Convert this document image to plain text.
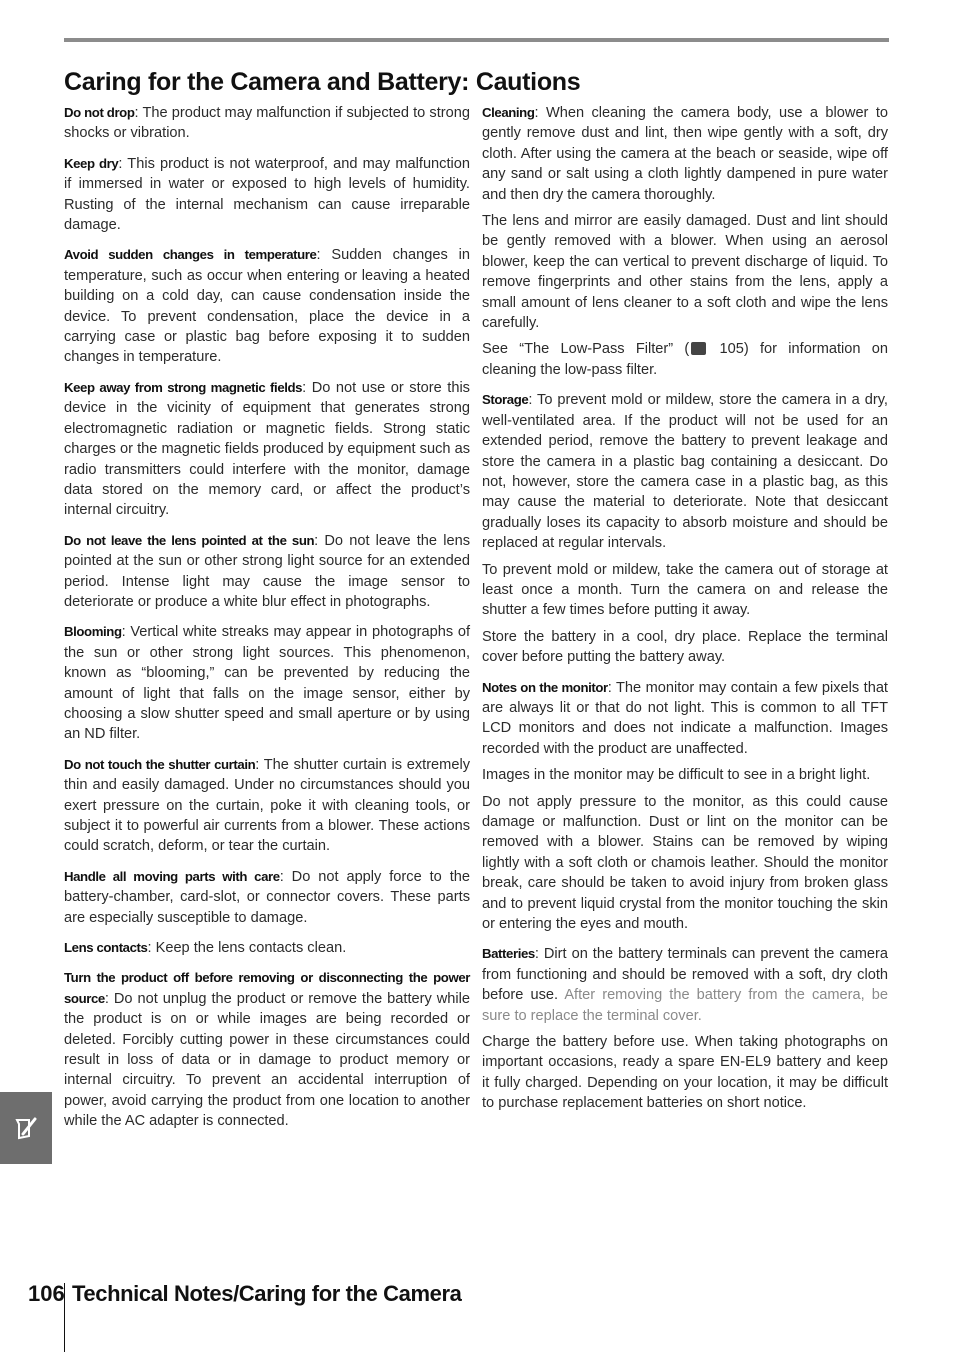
Caring for the Camera and Battery: Cautions

Do not drop: The product may malfunction if subjected to strong shocks or vibration.

Keep dry: This product is not waterproof, and may malfunction if immersed in water or exposed to high levels of humidity. Rusting of the internal mechanism can cause irreparable damage.

Avoid sudden changes in temperature: Sudden changes in temperature, such as occur when entering or leaving a heated building on a cold day, can cause condensation inside the device. To prevent condensation, place the device in a carrying case or plastic bag before exposing it to sudden changes in temperature.

Keep away from strong magnetic fields: Do not use or store this device in the vicinity of equipment that generates strong electromagnetic radiation or magnetic fields. Strong static charges or the magnetic fields produced by equipment such as radio transmitters could interfere with the monitor, damage data stored on the memory card, or affect the product’s internal circuitry.

Do not leave the lens pointed at the sun: Do not leave the lens pointed at the sun or other strong light source for an extended period. Intense light may cause the image sensor to deteriorate or produce a white blur effect in photographs.

Blooming: Vertical white streaks may appear in photographs of the sun or other strong light sources. This phenomenon, known as “blooming,” can be prevented by reducing the amount of light that falls on the image sensor, either by choosing a slow shutter speed and small aperture or by using an ND filter.

Do not touch the shutter curtain: The shutter curtain is extremely thin and easily damaged. Under no circumstances should you exert pressure on the curtain, poke it with cleaning tools, or subject it to powerful air currents from a blower. These actions could scratch, deform, or tear the curtain.

Handle all moving parts with care: Do not apply force to the battery-chamber, card-slot, or connector covers. These parts are especially susceptible to damage.

Lens contacts: Keep the lens contacts clean.

Turn the product off before removing or disconnecting the power source: Do not unplug the product or remove the battery while the product is on or while images are being recorded or deleted. Forcibly cutting power in these circumstances could result in loss of data or in damage to product memory or internal circuitry. To prevent an accidental interruption of power, avoid carrying the product from one location to another while the AC adapter is connected.

Cleaning: When cleaning the camera body, use a blower to gently remove dust and lint, then wipe gently with a soft, dry cloth. After using the camera at the beach or seaside, wipe off any sand or salt using a cloth lightly dampened in pure water and then dry the camera thoroughly.

The lens and mirror are easily damaged. Dust and lint should be gently removed with a blower. When using an aerosol blower, keep the can vertical to prevent discharge of liquid. To remove fingerprints and other stains from the lens, apply a small amount of lens cleaner to a soft cloth and wipe the lens carefully.

See “The Low-Pass Filter” ( 105) for information on cleaning the low-pass filter.

Storage: To prevent mold or mildew, store the camera in a dry, well-ventilated area. If the product will not be used for an extended period, remove the battery to prevent leakage and store the camera in a plastic bag containing a desiccant. Do not, however, store the camera case in a plastic bag, as this may cause the material to deteriorate. Note that desiccant gradually loses its capacity to absorb moisture and should be replaced at regular intervals.

To prevent mold or mildew, take the camera out of storage at least once a month. Turn the camera on and release the shutter a few times before putting it away.

Store the battery in a cool, dry place. Replace the terminal cover before putting the battery away.

Notes on the monitor: The monitor may contain a few pixels that are always lit or that do not light. This is common to all TFT LCD monitors and does not indicate a malfunction. Images recorded with the product are unaffected.

Images in the monitor may be difficult to see in a bright light.

Do not apply pressure to the monitor, as this could cause damage or malfunction. Dust or lint on the monitor can be removed with a blower. Stains can be removed by wiping lightly with a soft cloth or chamois leather. Should the monitor break, care should be taken to avoid injury from broken glass and to prevent liquid crystal from the monitor touching the skin or entering the eyes and mouth.

Batteries: Dirt on the battery terminals can prevent the camera from functioning and should be removed with a soft, dry cloth before use. After removing the battery from the camera, be sure to replace the terminal cover.

Charge the battery before use. When taking photographs on important occasions, ready a spare EN-EL9 battery and keep it fully charged. Depending on your location, it may be difficult to purchase replacement batteries on short notice.

106 Technical Notes/Caring for the Camera
